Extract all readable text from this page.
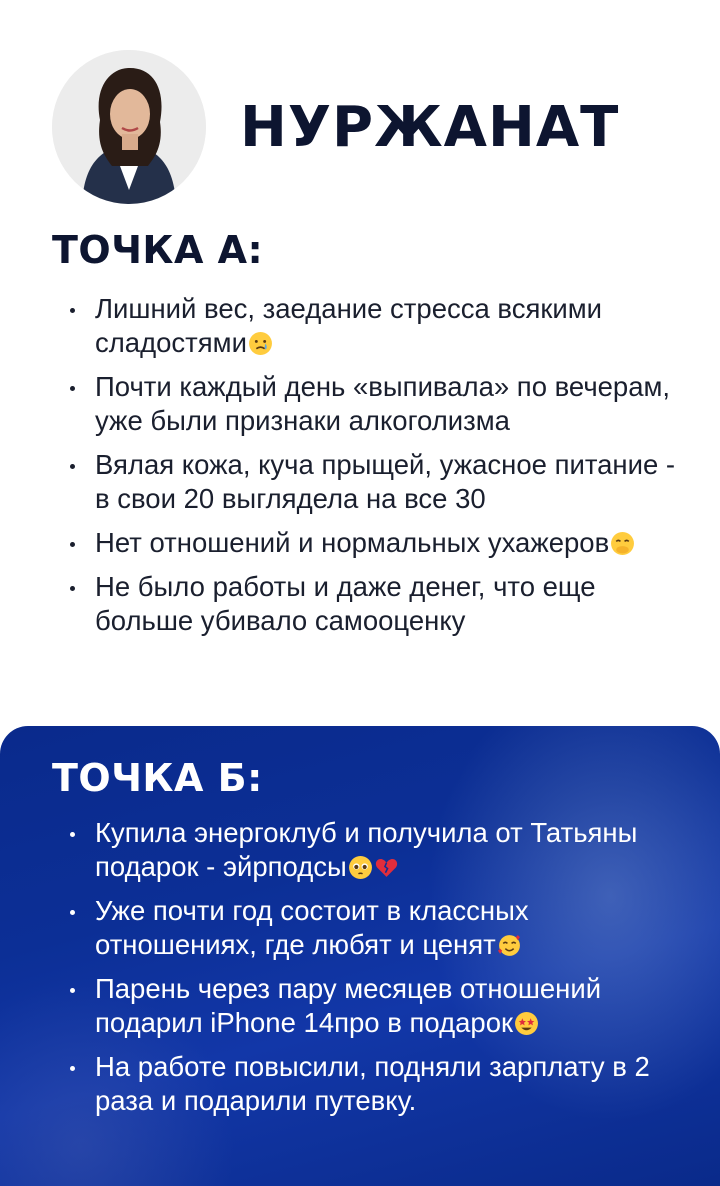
НУРЖАНАТ
ТОЧКА А:
Лишний вес, заедание стресса всякими сладостями
Почти каждый день «выпивала» по вечерам, уже были признаки алкоголизма
Вялая кожа, куча прыщей, ужасное питание - в свои 20 выглядела на все 30
Нет отношений и нормальных ухажеров
Не было работы и даже денег, что еще больше убивало самооценку
ТОЧКА Б:
Купила энергоклуб и получила от Татьяны подарок - эйрподсы
Уже почти год состоит в классных отношениях, где любят и ценят
Парень через пару месяцев отношений подарил iPhone 14про в подарок
На работе повысили, подняли зарплату в 2 раза и подарили путевку.
